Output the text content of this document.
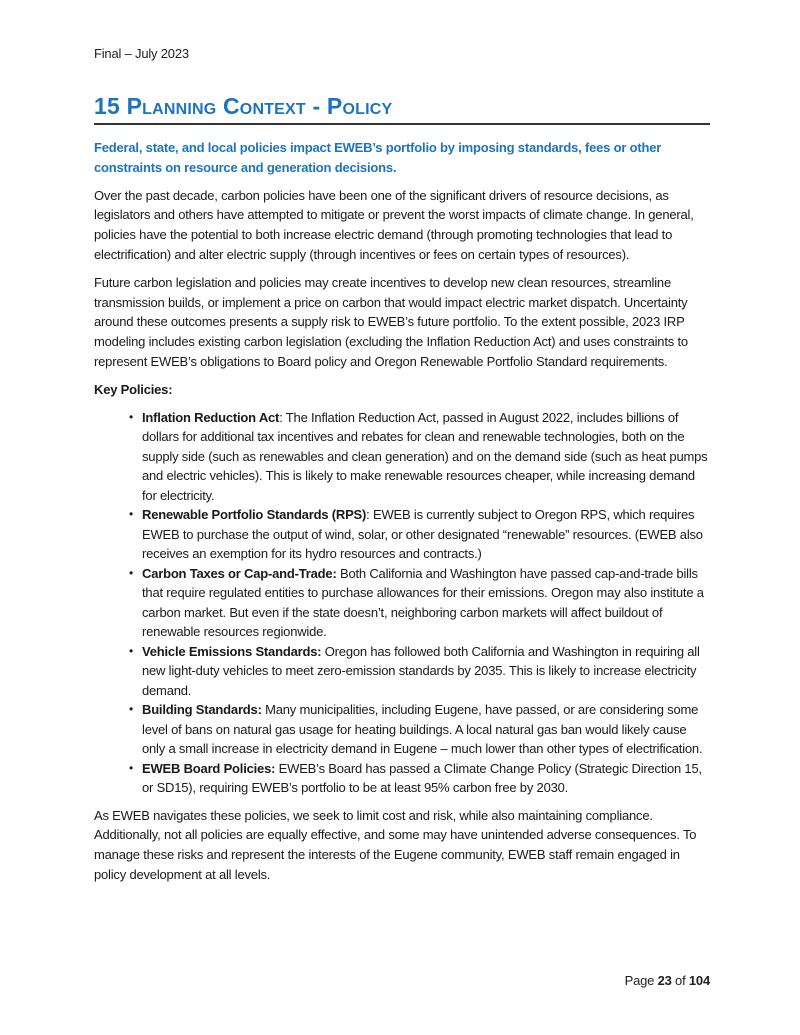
Final – July 2023
15 Planning Context - Policy

Federal, state, and local policies impact EWEB’s portfolio by imposing standards, fees or other constraints on resource and generation decisions.

Over the past decade, carbon policies have been one of the significant drivers of resource decisions, as legislators and others have attempted to mitigate or prevent the worst impacts of climate change. In general, policies have the potential to both increase electric demand (through promoting technologies that lead to electrification) and alter electric supply (through incentives or fees on certain types of resources).

Future carbon legislation and policies may create incentives to develop new clean resources, streamline transmission builds, or implement a price on carbon that would impact electric market dispatch. Uncertainty around these outcomes presents a supply risk to EWEB’s future portfolio. To the extent possible, 2023 IRP modeling includes existing carbon legislation (excluding the Inflation Reduction Act) and uses constraints to represent EWEB’s obligations to Board policy and Oregon Renewable Portfolio Standard requirements.

Key Policies:

• Inflation Reduction Act: The Inflation Reduction Act, passed in August 2022, includes billions of dollars for additional tax incentives and rebates for clean and renewable technologies, both on the supply side (such as renewables and clean generation) and on the demand side (such as heat pumps and electric vehicles). This is likely to make renewable resources cheaper, while increasing demand for electricity.
• Renewable Portfolio Standards (RPS): EWEB is currently subject to Oregon RPS, which requires EWEB to purchase the output of wind, solar, or other designated “renewable” resources. (EWEB also receives an exemption for its hydro resources and contracts.)
• Carbon Taxes or Cap-and-Trade: Both California and Washington have passed cap-and-trade bills that require regulated entities to purchase allowances for their emissions. Oregon may also institute a carbon market. But even if the state doesn’t, neighboring carbon markets will affect buildout of renewable resources regionwide.
• Vehicle Emissions Standards: Oregon has followed both California and Washington in requiring all new light-duty vehicles to meet zero-emission standards by 2035. This is likely to increase electricity demand.
• Building Standards: Many municipalities, including Eugene, have passed, or are considering some level of bans on natural gas usage for heating buildings. A local natural gas ban would likely cause only a small increase in electricity demand in Eugene – much lower than other types of electrification.
• EWEB Board Policies: EWEB’s Board has passed a Climate Change Policy (Strategic Direction 15, or SD15), requiring EWEB’s portfolio to be at least 95% carbon free by 2030.

As EWEB navigates these policies, we seek to limit cost and risk, while also maintaining compliance. Additionally, not all policies are equally effective, and some may have unintended adverse consequences. To manage these risks and represent the interests of the Eugene community, EWEB staff remain engaged in policy development at all levels.

Page 23 of 104
